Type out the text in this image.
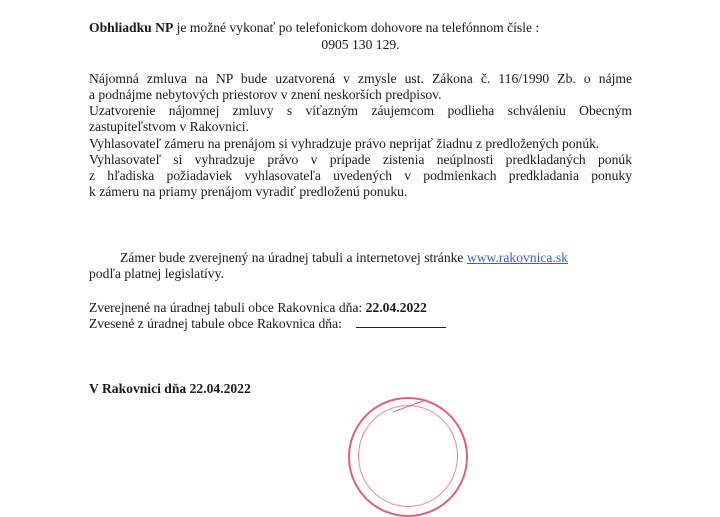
Obhliadku NP je možné vykonať po telefonickom dohovore na telefónnom čísle :
0905 130 129.
Nájomná zmluva na NP bude uzatvorená v zmysle ust. Zákona č. 116/1990 Zb. o nájme
a podnájme nebytových priestorov v znení neskorších predpisov.
Uzatvorenie nájomnej zmluvy s víťazným záujemcom podlieha schváleniu Obecným
zastupiteľstvom v Rakovnici.
Vyhlasovateľ zámeru na prenájom si vyhradzuje právo neprijať žiadnu z predložených ponúk.
Vyhlasovateľ si vyhradzuje právo v prípade zistenia neúplnosti predkladaných ponúk
z hľadiska požiadaviek vyhlasovateľa uvedených v podmienkach predkladania ponuky
k zámeru na priamy prenájom vyradiť predloženú ponuku.
Zámer bude zverejnený na úradnej tabuli a internetovej stránke www.rakovnica.sk
podľa platnej legislatívy.
Zverejnené na úradnej tabuli obce Rakovnica dňa: 22.04.2022
Zvesené z úradnej tabule obce Rakovnica dňa:
V Rakovnici dňa 22.04.2022
